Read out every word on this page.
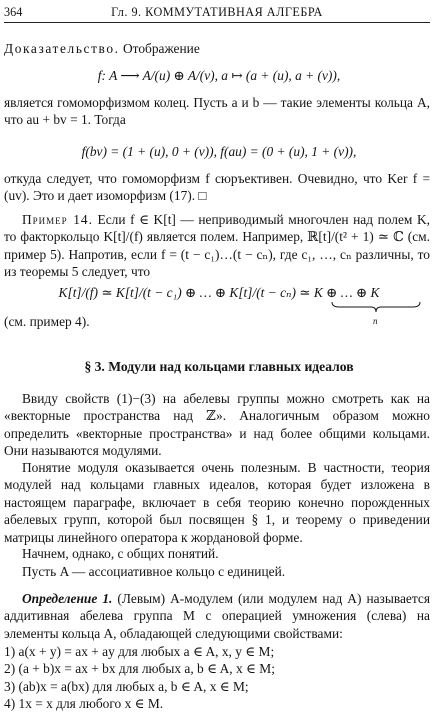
364	Гл. 9. КОММУТАТИВНАЯ АЛГЕБРА
Доказательство. Отображение
f: A ⟶ A/(u) ⊕ A/(v), a ↦ (a + (u), a + (v)),
является гомоморфизмом колец. Пусть a и b — такие элементы кольца A, что au + bv = 1. Тогда
f(bv) = (1 + (u), 0 + (v)), f(au) = (0 + (u), 1 + (v)),
откуда следует, что гомоморфизм f сюръективен. Очевидно, что Ker f = (uv). Это и дает изоморфизм (17). □
Пример 14. Если f ∈ K[t] — неприводимый многочлен над полем K, то факторкольцо K[t]/(f) является полем. Например, ℝ[t]/(t² + 1) ≃ ℂ (см. пример 5). Напротив, если f = (t − c₁)…(t − cₙ), где c₁, …, cₙ различны, то из теоремы 5 следует, что
K[t]/(f) ≃ K[t]/(t − c₁) ⊕ … ⊕ K[t]/(t − cₙ) ≃ K ⊕ … ⊕ K
n
(см. пример 4).
§ 3. Модули над кольцами главных идеалов
Ввиду свойств (1)−(3) на абелевы группы можно смотреть как на «векторные пространства над ℤ». Аналогичным образом можно определить «векторные пространства» и над более общими кольцами. Они называются модулями.
Понятие модуля оказывается очень полезным. В частности, теория модулей над кольцами главных идеалов, которая будет изложена в настоящем параграфе, включает в себя теорию конечно порожденных абелевых групп, которой был посвящен § 1, и теорему о приведении матрицы линейного оператора к жордановой форме.
Начнем, однако, с общих понятий.
Пусть A — ассоциативное кольцо с единицей.
Определение 1. (Левым) A-модулем (или модулем над A) называется аддитивная абелева группа M с операцией умножения (слева) на элементы кольца A, обладающей следующими свойствами:
1) a(x + y) = ax + ay для любых a ∈ A, x, y ∈ M;
2) (a + b)x = ax + bx для любых a, b ∈ A, x ∈ M;
3) (ab)x = a(bx) для любых a, b ∈ A, x ∈ M;
4) 1x = x для любого x ∈ M.
